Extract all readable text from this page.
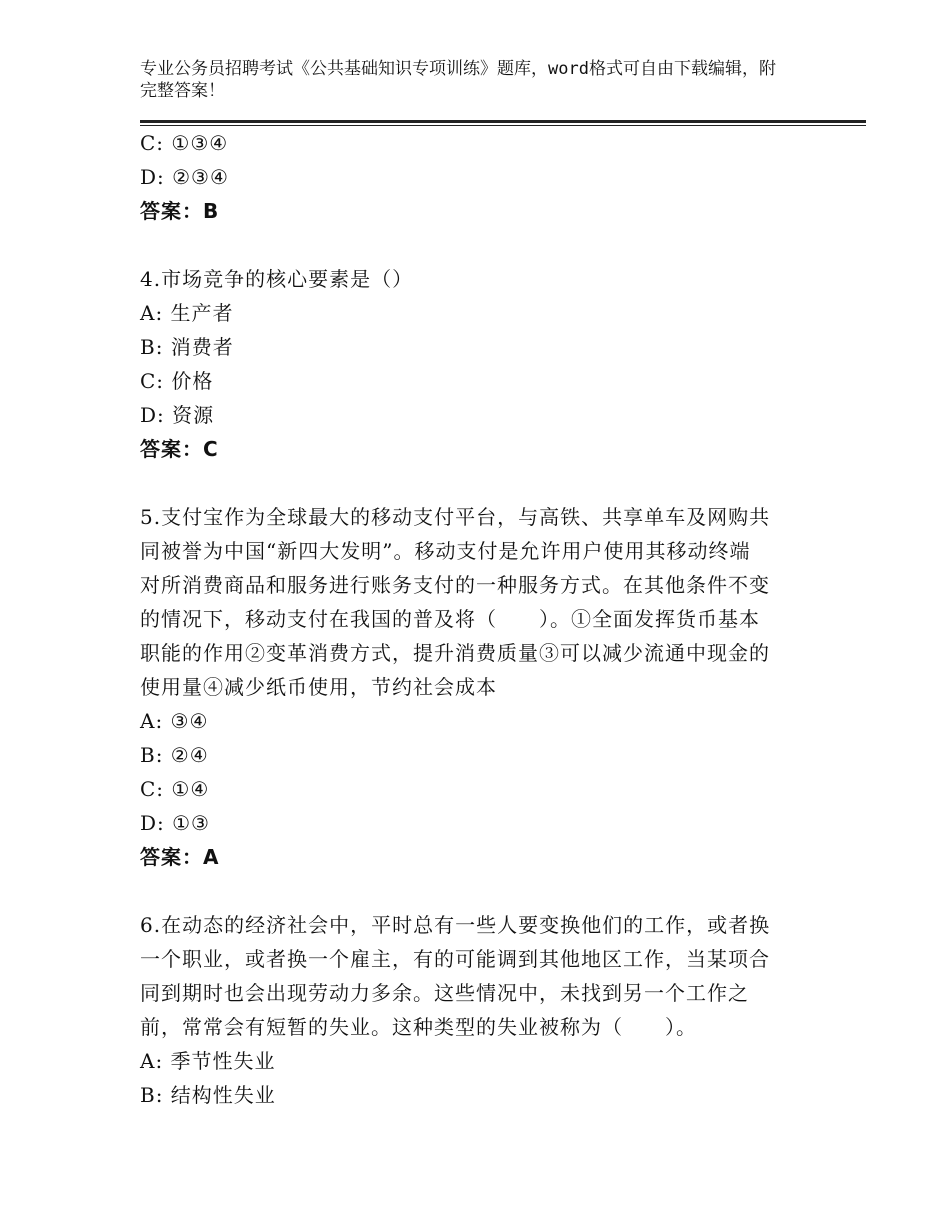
专业公务员招聘考试《公共基础知识专项训练》题库，word格式可自由下载编辑，附完整答案！
C: ①③④
D: ②③④
答案：B
4.市场竞争的核心要素是（）
A: 生产者
B: 消费者
C: 价格
D: 资源
答案：C
5.支付宝作为全球最大的移动支付平台，与高铁、共享单车及网购共
同被誉为中国“新四大发明”。移动支付是允许用户使用其移动终端
对所消费商品和服务进行账务支付的一种服务方式。在其他条件不变
的情况下，移动支付在我国的普及将（　　）。①全面发挥货币基本
职能的作用②变革消费方式，提升消费质量③可以减少流通中现金的
使用量④减少纸币使用，节约社会成本
A: ③④
B: ②④
C: ①④
D: ①③
答案：A
6.在动态的经济社会中，平时总有一些人要变换他们的工作，或者换
一个职业，或者换一个雇主，有的可能调到其他地区工作，当某项合
同到期时也会出现劳动力多余。这些情况中，未找到另一个工作之
前，常常会有短暂的失业。这种类型的失业被称为（　　）。
A: 季节性失业
B: 结构性失业
